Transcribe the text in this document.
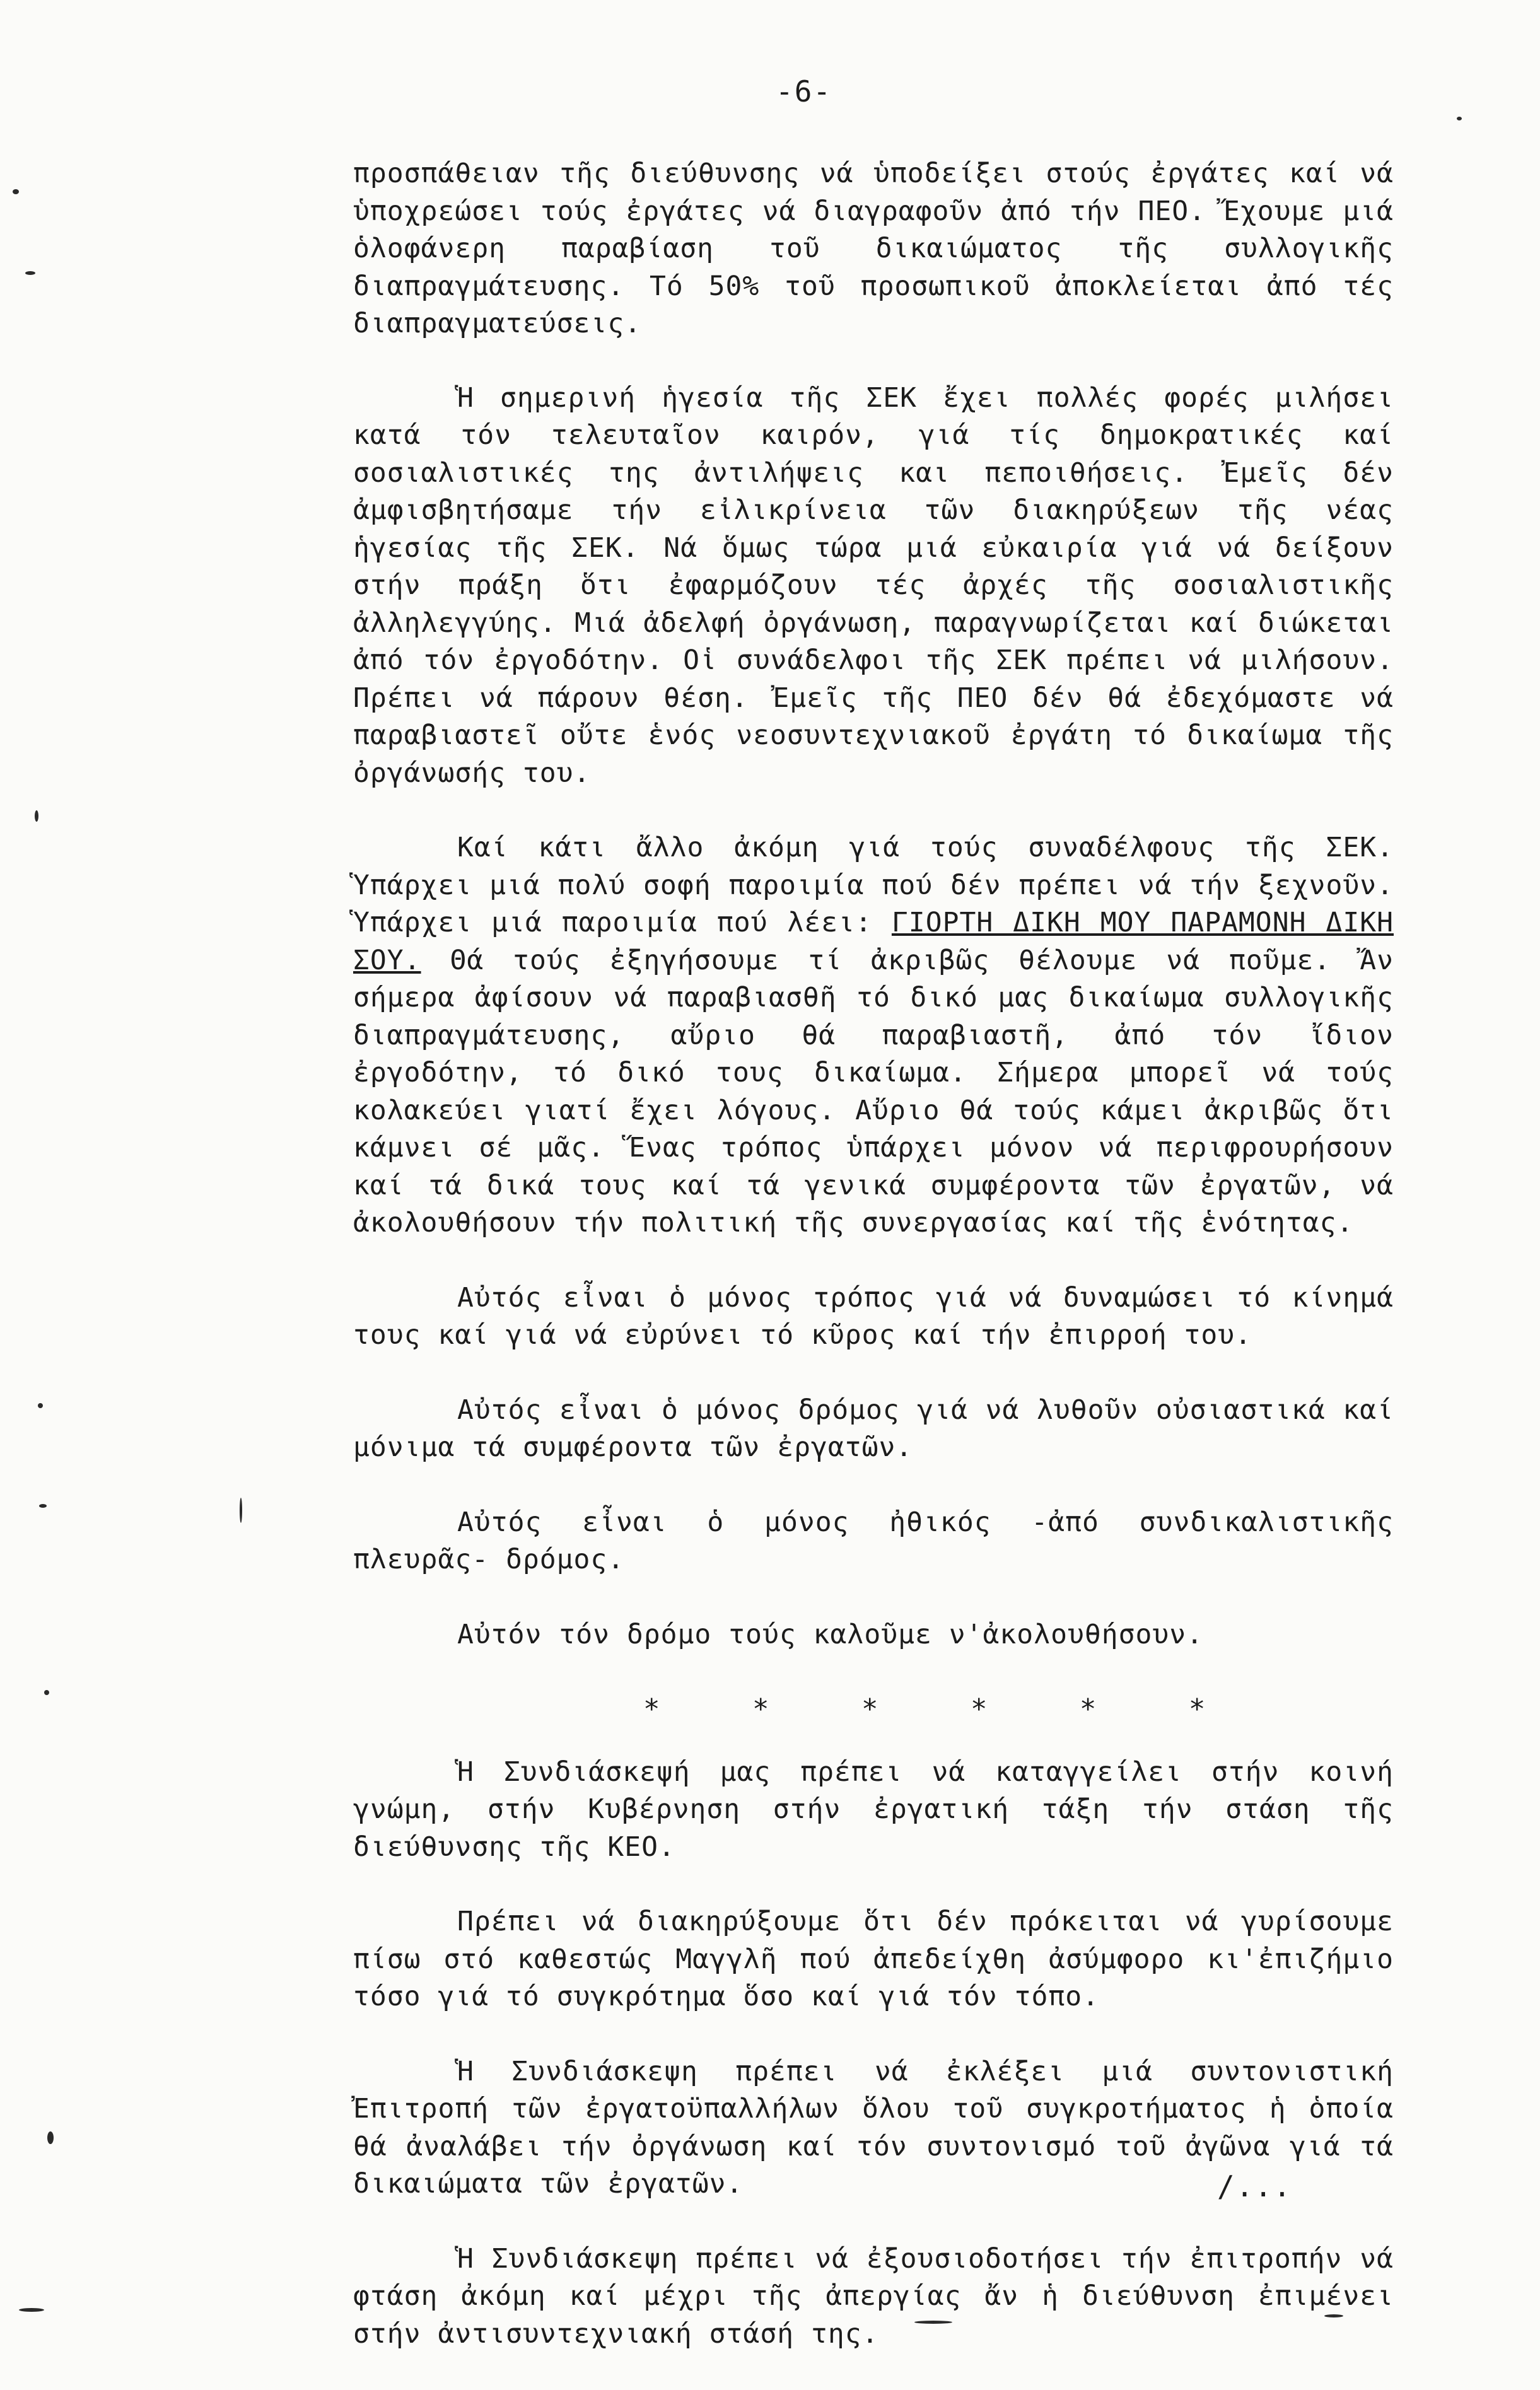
-6-

προσπάθειαν τῆς διεύθυνσης νά ὑποδείξει στούς ἐργάτες καί νά ὑποχρεώσει τούς ἐργάτες νά διαγραφοῦν ἀπό τήν ΠΕΟ. Ἔχουμε μιά ὁλοφάνερη παραβίαση τοῦ δικαιώματος τῆς συλλογικῆς διαπραγμάτευσης. Τό 50% τοῦ προσωπικοῦ ἀποκλείεται ἀπό τές διαπραγματεύσεις.

Ἡ σημερινή ἡγεσία τῆς ΣΕΚ ἔχει πολλές φορές μιλήσει κατά τόν τελευταῖον καιρόν, γιά τίς δημοκρατικές καί σοσιαλιστικές της ἀντιλήψεις και πεποιθήσεις. Ἐμεῖς δέν ἀμφισβητήσαμε τήν εἰλικρίνεια τῶν διακηρύξεων τῆς νέας ἡγεσίας τῆς ΣΕΚ. Νά ὅμως τώρα μιά εὐκαιρία γιά νά δείξουν στήν πράξη ὅτι ἐφαρμόζουν τές ἀρχές τῆς σοσιαλιστικῆς ἀλληλεγγύης. Μιά ἀδελφή ὀργάνωση, παραγνωρίζεται καί διώκεται ἀπό τόν ἐργοδότην. Οἱ συνάδελφοι τῆς ΣΕΚ πρέπει νά μιλήσουν. Πρέπει νά πάρουν θέση. Ἐμεῖς τῆς ΠΕΟ δέν θά ἐδεχόμαστε νά παραβιαστεῖ οὔτε ἑνός νεοσυντεχνιακοῦ ἐργάτη τό δικαίωμα τῆς ὀργάνωσής του.

Καί κάτι ἄλλο ἀκόμη γιά τούς συναδέλφους τῆς ΣΕΚ. Ὑπάρχει μιά πολύ σοφή παροιμία πού δέν πρέπει νά τήν ξεχνοῦν. Ὑπάρχει μιά παροιμία πού λέει: ΓΙΟΡΤΗ ΔΙΚΗ ΜΟΥ ΠΑΡΑΜΟΝΗ ΔΙΚΗ ΣΟΥ. Θά τούς ἐξηγήσουμε τί ἀκριβῶς θέλουμε νά ποῦμε. Ἄν σήμερα ἀφίσουν νά παραβιασθῆ τό δικό μας δικαίωμα συλλογικῆς διαπραγμάτευσης, αὔριο θά παραβιαστῆ, ἀπό τόν ἴδιον ἐργοδότην, τό δικό τους δικαίωμα. Σήμερα μπορεῖ νά τούς κολακεύει γιατί ἔχει λόγους. Αὔριο θά τούς κάμει ἀκριβῶς ὅτι κάμνει σέ μᾶς. Ἕνας τρόπος ὑπάρχει μόνον νά περιφρουρήσουν καί τά δικά τους καί τά γενικά συμφέροντα τῶν ἐργατῶν, νά ἀκολουθήσουν τήν πολιτική τῆς συνεργασίας καί τῆς ἑνότητας.

Αὐτός εἶναι ὁ μόνος τρόπος γιά νά δυναμώσει τό κίνημά τους καί γιά νά εὐρύνει τό κῦρος καί τήν ἐπιρροή του.

Αὐτός εἶναι ὁ μόνος δρόμος γιά νά λυθοῦν οὐσιαστικά καί μόνιμα τά συμφέροντα τῶν ἐργατῶν.

Αὐτός εἶναι ὁ μόνος ἠθικός -ἀπό συνδικαλιστικῆς πλευρᾶς- δρόμος.

Αὐτόν τόν δρόμο τούς καλοῦμε ν'ἀκολουθήσουν.

* * * * * *

Ἡ Συνδιάσκεψή μας πρέπει νά καταγγείλει στήν κοινή γνώμη, στήν Κυβέρνηση στήν ἐργατική τάξη τήν στάση τῆς διεύθυνσης τῆς ΚΕΟ.

Πρέπει νά διακηρύξουμε ὅτι δέν πρόκειται νά γυρίσουμε πίσω στό καθεστώς Μαγγλῆ πού ἀπεδείχθη ἀσύμφορο κι'ἐπιζήμιο τόσο γιά τό συγκρότημα ὅσο καί γιά τόν τόπο.

Ἡ Συνδιάσκεψη πρέπει νά ἐκλέξει μιά συντονιστική Ἐπιτροπή τῶν ἐργατοϋπαλλήλων ὅλου τοῦ συγκροτήματος ἡ ὁποία θά ἀναλάβει τήν ὀργάνωση καί τόν συντονισμό τοῦ ἀγῶνα γιά τά δικαιώματα τῶν ἐργατῶν.

Ἡ Συνδιάσκεψη πρέπει νά ἐξουσιοδοτήσει τήν ἐπιτροπήν νά φτάση ἀκόμη καί μέχρι τῆς ἀπεργίας ἄν ἡ διεύθυνση ἐπιμένει στήν ἀντισυντεχνιακή στάσή της.

/...
